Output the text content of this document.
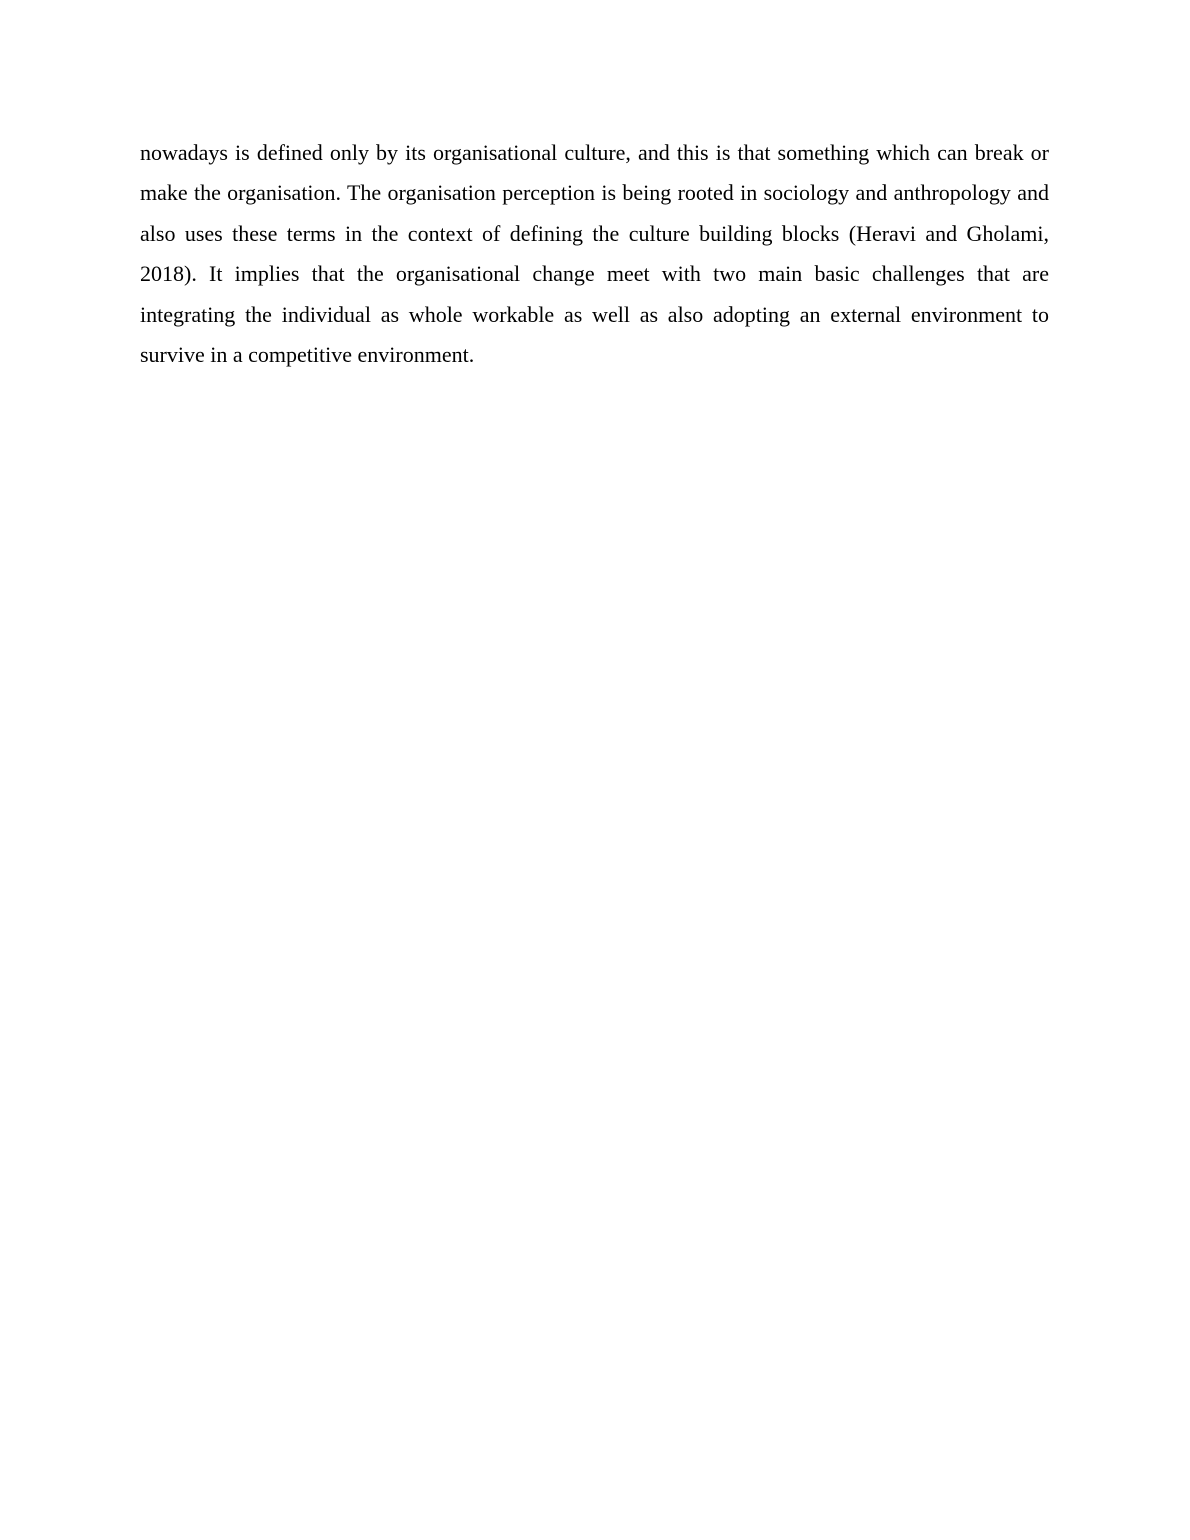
nowadays is defined only by its organisational culture, and this is that something which can break or make the organisation. The organisation perception is being rooted in sociology and anthropology and also uses these terms in the context of defining the culture building blocks (Heravi and Gholami, 2018). It implies that the organisational change meet with two main basic challenges that are integrating the individual as whole workable as well as also adopting an external environment to survive in a competitive environment.
